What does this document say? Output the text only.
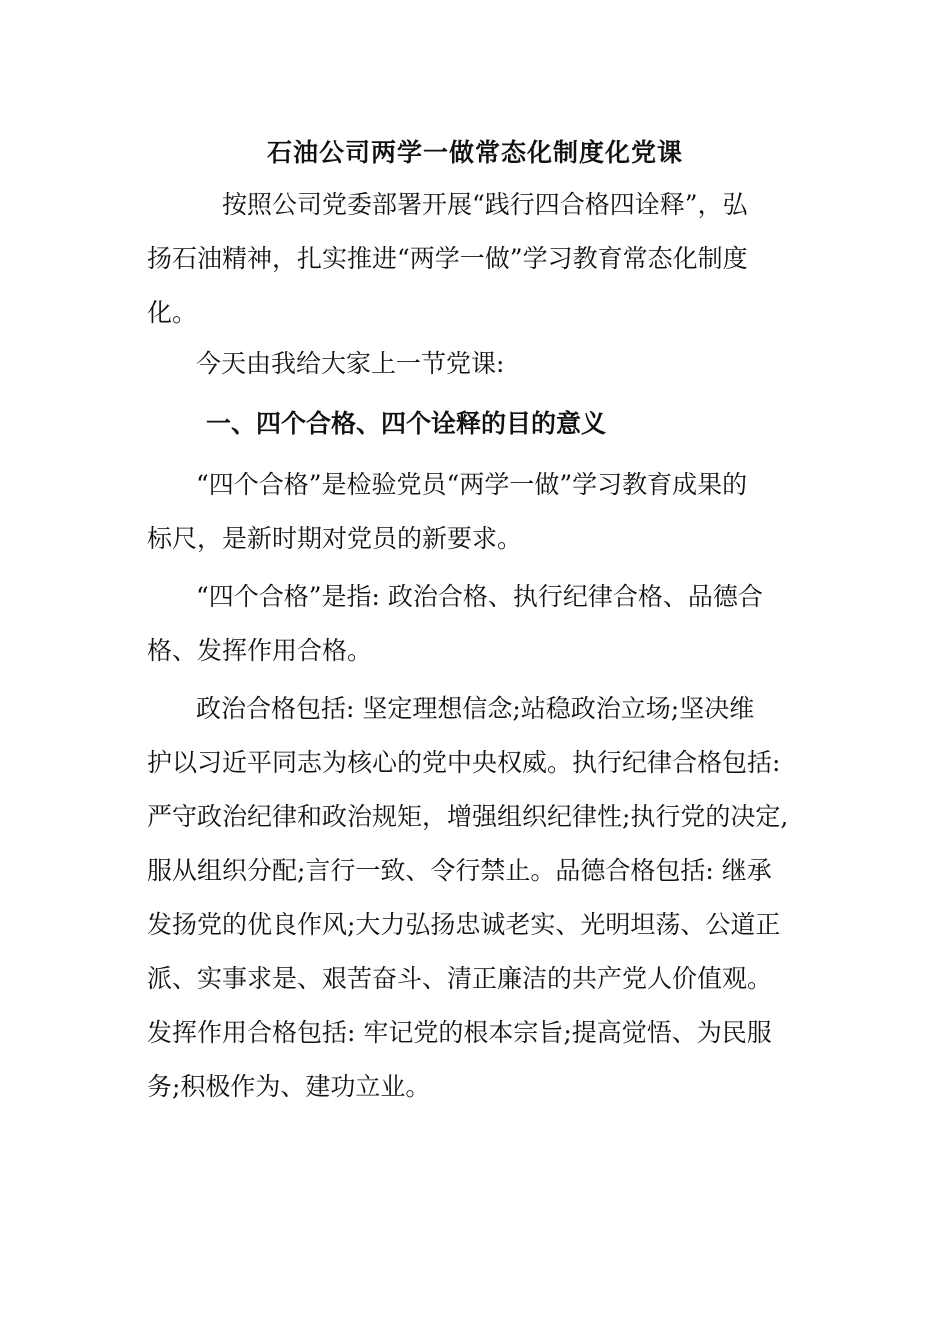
石油公司两学一做常态化制度化党课
按照公司党委部署开展“践行四合格四诠释”，弘
扬石油精神，扎实推进“两学一做”学习教育常态化制度
化。
今天由我给大家上一节党课:
一、四个合格、四个诠释的目的意义
“四个合格”是检验党员“两学一做”学习教育成果的
标尺，是新时期对党员的新要求。
“四个合格”是指: 政治合格、执行纪律合格、品德合
格、发挥作用合格。
政治合格包括: 坚定理想信念;站稳政治立场;坚决维
护以习近平同志为核心的党中央权威。执行纪律合格包括:
严守政治纪律和政治规矩，增强组织纪律性;执行党的决定,
服从组织分配;言行一致、令行禁止。品德合格包括: 继承
发扬党的优良作风;大力弘扬忠诚老实、光明坦荡、公道正
派、实事求是、艰苦奋斗、清正廉洁的共产党人价值观。
发挥作用合格包括: 牢记党的根本宗旨;提高觉悟、为民服
务;积极作为、建功立业。
